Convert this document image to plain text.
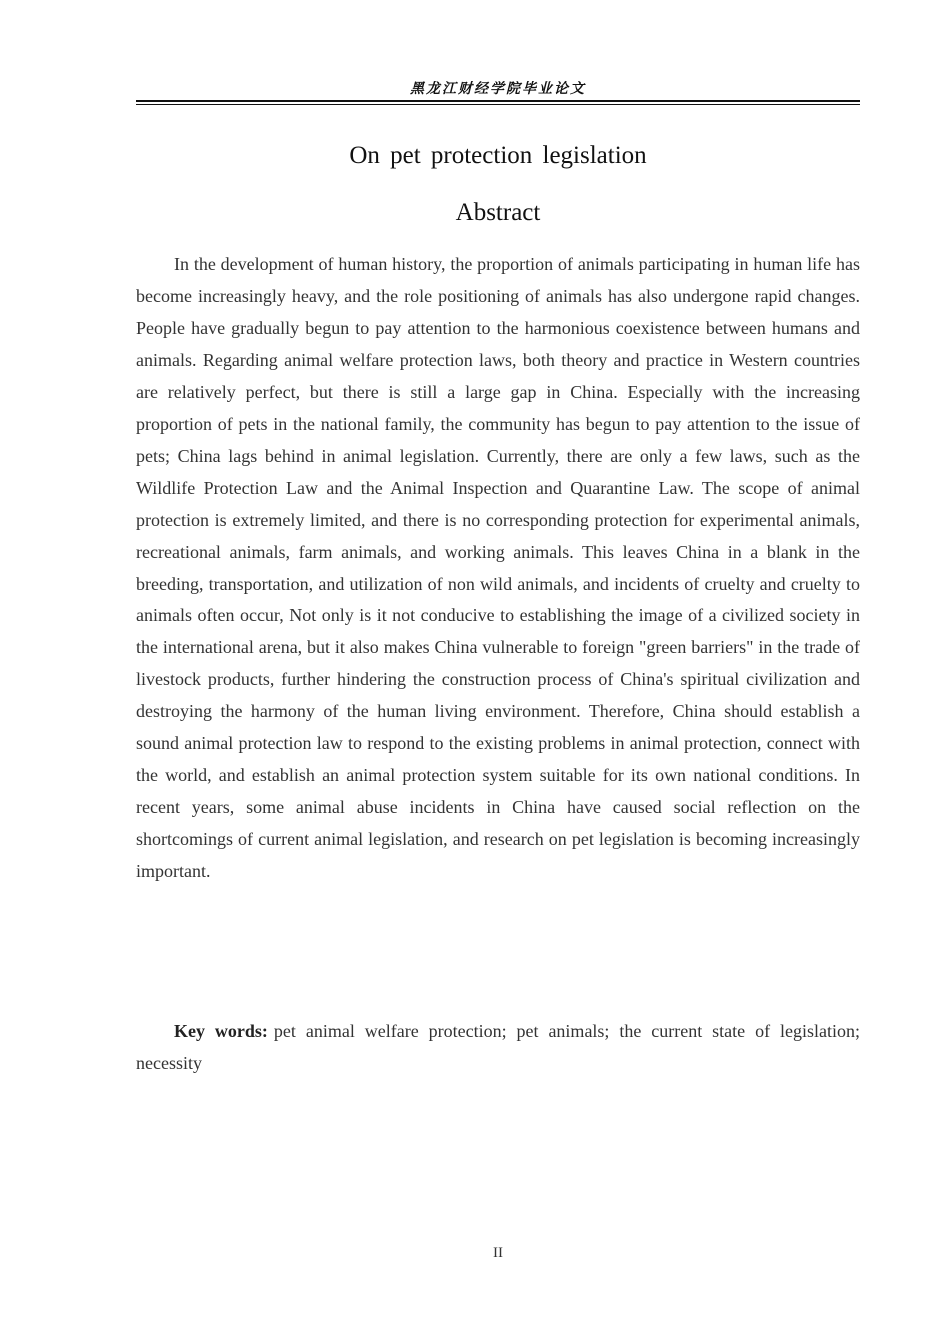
黑龙江财经学院毕业论文
On pet protection legislation
Abstract

In the development of human history, the proportion of animals participating in human life has become increasingly heavy, and the role positioning of animals has also undergone rapid changes. People have gradually begun to pay attention to the harmonious coexistence between humans and animals. Regarding animal welfare protection laws, both theory and practice in Western countries are relatively perfect, but there is still a large gap in China. Especially with the increasing proportion of pets in the national family, the community has begun to pay attention to the issue of pets; China lags behind in animal legislation. Currently, there are only a few laws, such as the Wildlife Protection Law and the Animal Inspection and Quarantine Law. The scope of animal protection is extremely limited, and there is no corresponding protection for experimental animals, recreational animals, farm animals, and working animals. This leaves China in a blank in the breeding, transportation, and utilization of non wild animals, and incidents of cruelty and cruelty to animals often occur, Not only is it not conducive to establishing the image of a civilized society in the international arena, but it also makes China vulnerable to foreign "green barriers" in the trade of livestock products, further hindering the construction process of China's spiritual civilization and destroying the harmony of the human living environment. Therefore, China should establish a sound animal protection law to respond to the existing problems in animal protection, connect with the world, and establish an animal protection system suitable for its own national conditions. In recent years, some animal abuse incidents in China have caused social reflection on the shortcomings of current animal legislation, and research on pet legislation is becoming increasingly important.

Key words: pet animal welfare protection; pet animals; the current state of legislation; necessity

II
